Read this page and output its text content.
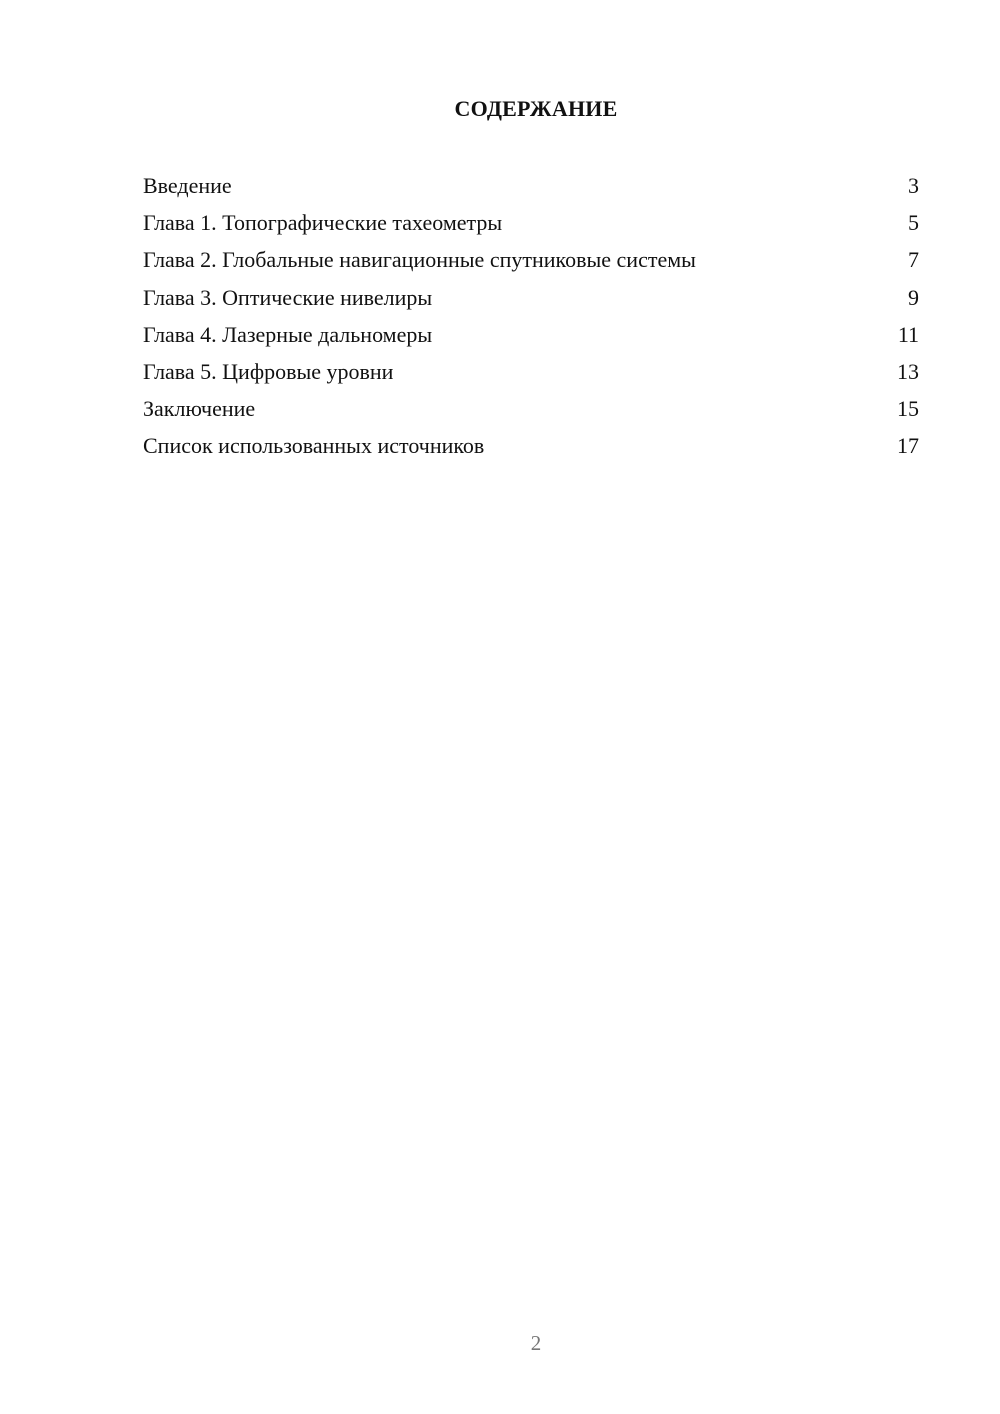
СОДЕРЖАНИЕ
Введение	3
Глава 1. Топографические тахеометры	5
Глава 2. Глобальные навигационные спутниковые системы	7
Глава 3. Оптические нивелиры	9
Глава 4. Лазерные дальномеры	11
Глава 5. Цифровые уровни	13
Заключение	15
Список использованных источников	17
2
